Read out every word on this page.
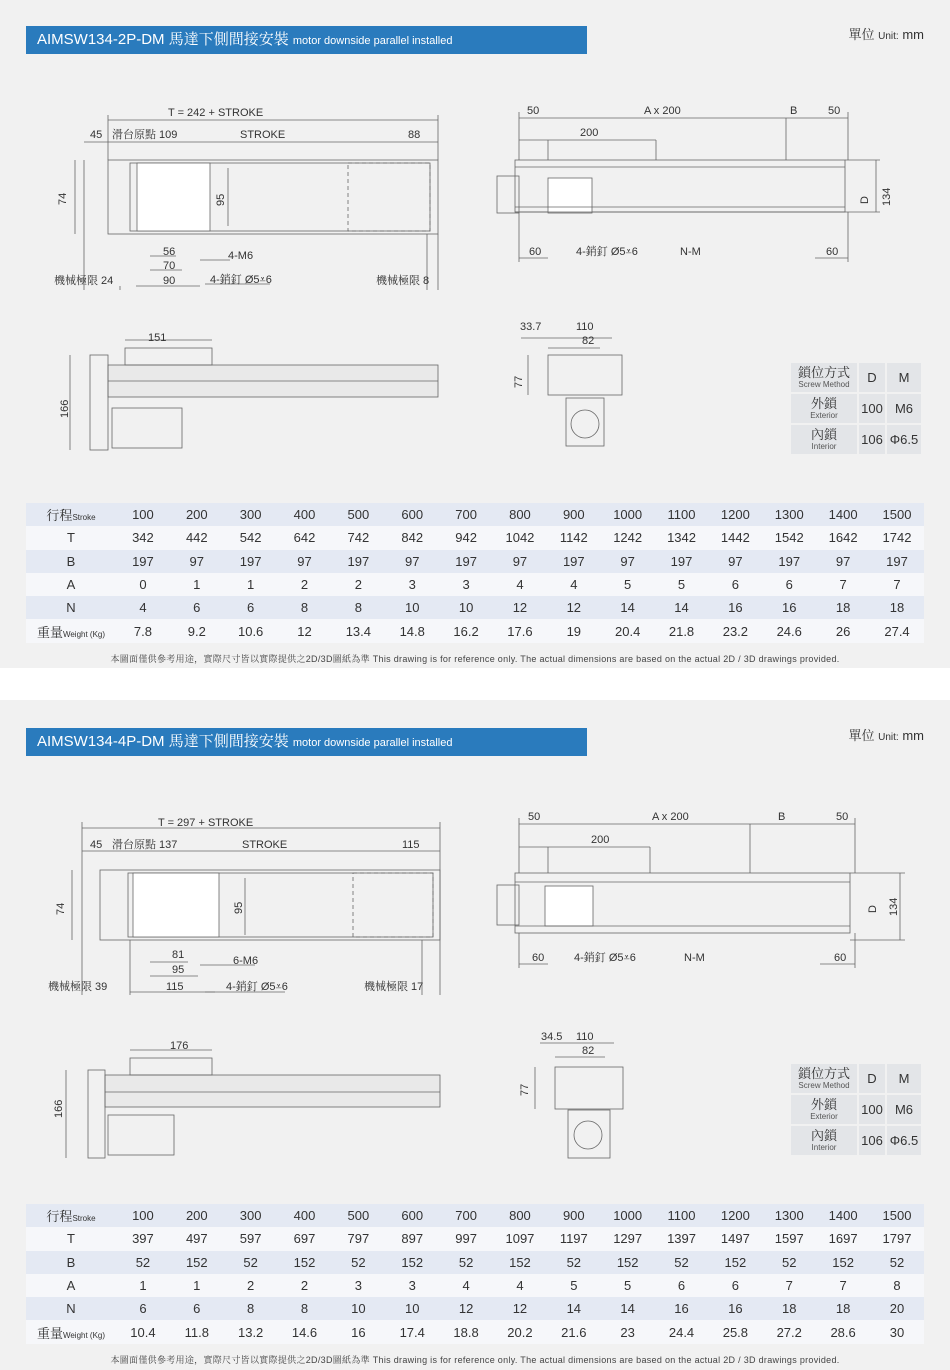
AIMSW134-2P-DM 馬達下側間接安裝 motor downside parallel installed	單位 Unit: mm
T = 242 + STROKE
45 滑台原點 109	STROKE	88
74	95
56
70
90
4-M6
4-銷釘 Ø5⩡6
機械極限 24	機械極限 8
50	A x 200	B	50
200
D 134
60	4-銷釘 Ø5⩡6	N-M	60
151
166
33.7	110
82
77
鎖位方式
Screw Method	D	M

外鎖
Exterior	100	M6

內鎖
Interior	106	Φ6.5
行程Stroke	100	200	300	400	500	600	700	800	900	1000	1100	1200	1300	1400	1500
T	342	442	542	642	742	842	942	1042	1142	1242	1342	1442	1542	1642	1742
B	197	97	197	97	197	97	197	97	197	97	197	97	197	97	197
A	0	1	1	2	2	3	3	4	4	5	5	6	6	7	7
N	4	6	6	8	8	10	10	12	12	14	14	16	16	18	18
重量Weight (Kg)	7.8	9.2	10.6	12	13.4	14.8	16.2	17.6	19	20.4	21.8	23.2	24.6	26	27.4
本圖面僅供參考用途，實際尺寸皆以實際提供之2D/3D圖紙為準 This drawing is for reference only. The actual dimensions are based on the actual 2D / 3D drawings provided.
AIMSW134-4P-DM 馬達下側間接安裝 motor downside parallel installed	單位 Unit: mm
T = 297 + STROKE
45 滑台原點 137	STROKE	115
74	95
81
95
115
6-M6
4-銷釘 Ø5⩡6
機械極限 39	機械極限 17
50	A x 200	B	50
200
D 134
60	4-銷釘 Ø5⩡6	N-M	60
176
166
34.5 110
82
77
鎖位方式
Screw Method	D	M

外鎖
Exterior	100	M6

內鎖
Interior	106	Φ6.5
行程Stroke	100	200	300	400	500	600	700	800	900	1000	1100	1200	1300	1400	1500
T	397	497	597	697	797	897	997	1097	1197	1297	1397	1497	1597	1697	1797
B	52	152	52	152	52	152	52	152	52	152	52	152	52	152	52
A	1	1	2	2	3	3	4	4	5	5	6	6	7	7	8
N	6	6	8	8	10	10	12	12	14	14	16	16	18	18	20
重量Weight (Kg)	10.4	11.8	13.2	14.6	16	17.4	18.8	20.2	21.6	23	24.4	25.8	27.2	28.6	30
本圖面僅供參考用途，實際尺寸皆以實際提供之2D/3D圖紙為準 This drawing is for reference only. The actual dimensions are based on the actual 2D / 3D drawings provided.
